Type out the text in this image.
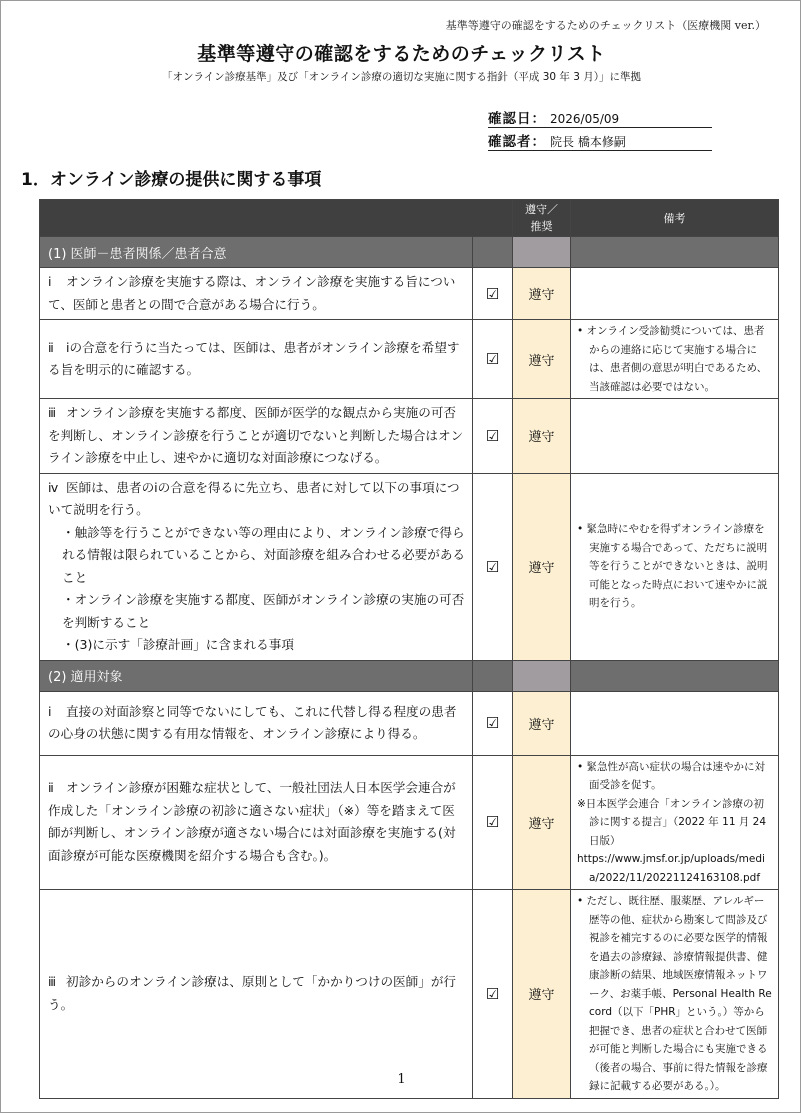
基準等遵守の確認をするためのチェックリスト（医療機関 ver.）
基準等遵守の確認をするためのチェックリスト
「オンライン診療基準」及び「オンライン診療の適切な実施に関する指針（平成 30 年 3 月）」に準拠
確認日： 2026/05/09
確認者： 院長 橋本修嗣
1．オンライン診療の提供に関する事項
		遵守／
推奨	備考
(1) 医師－患者関係／患者合意			
ⅰ オンライン診療を実施する際は、オンライン診療を実施する旨について、医師と患者との間で合意がある場合に行う。	☑	遵守	
ⅱ ⅰの合意を行うに当たっては、医師は、患者がオンライン診療を希望する旨を明示的に確認する。	☑	遵守	• オンライン受診勧奨については、患者からの連絡に応じて実施する場合には、患者側の意思が明白であるため、当該確認は必要ではない。

ⅲ オンライン診療を実施する都度、医師が医学的な観点から実施の可否を判断し、オンライン診療を行うことが適切でないと判断した場合はオンライン診療を中止し、速やかに適切な対面診療につなげる。	☑	遵守	
ⅳ 医師は、患者のⅰの合意を得るに先立ち、患者に対して以下の事項について説明を行う。
・触診等を行うことができない等の理由により、オンライン診療で得られる情報は限られていることから、対面診療を組み合わせる必要があること
・オンライン診療を実施する都度、医師がオンライン診療の実施の可否を判断すること
・(3)に示す「診療計画」に含まれる事項	☑	遵守	• 緊急時にやむを得ずオンライン診療を実施する場合であって、ただちに説明等を行うことができないときは、説明可能となった時点において速やかに説明を行う。

(2) 適用対象			
ⅰ 直接の対面診察と同等でないにしても、これに代替し得る程度の患者の心身の状態に関する有用な情報を、オンライン診療により得る。	☑	遵守	
ⅱ オンライン診療が困難な症状として、一般社団法人日本医学会連合が作成した「オンライン診療の初診に適さない症状」（※）等を踏まえて医師が判断し、オンライン診療が適さない場合には対面診療を実施する(対面診療が可能な医療機関を紹介する場合も含む。)。	☑	遵守	• 緊急性が高い症状の場合は速やかに対面受診を促す。
※日本医学会連合「オンライン診療の初診に関する提言」（2022 年 11 月 24 日版）
https://www.jmsf.or.jp/uploads/media/2022/11/20221124163108.pdf

ⅲ 初診からのオンライン診療は、原則として「かかりつけの医師」が行う。	☑	遵守	• ただし、既往歴、服薬歴、アレルギー歴等の他、症状から勘案して問診及び視診を補完するのに必要な医学的情報を過去の診療録、診療情報提供書、健康診断の結果、地域医療情報ネットワーク、お薬手帳、Personal Health Record（以下「PHR」という。）等から把握でき、患者の症状と合わせて医師が可能と判断した場合にも実施できる（後者の場合、事前に得た情報を診療録に記載する必要がある。）。
1
